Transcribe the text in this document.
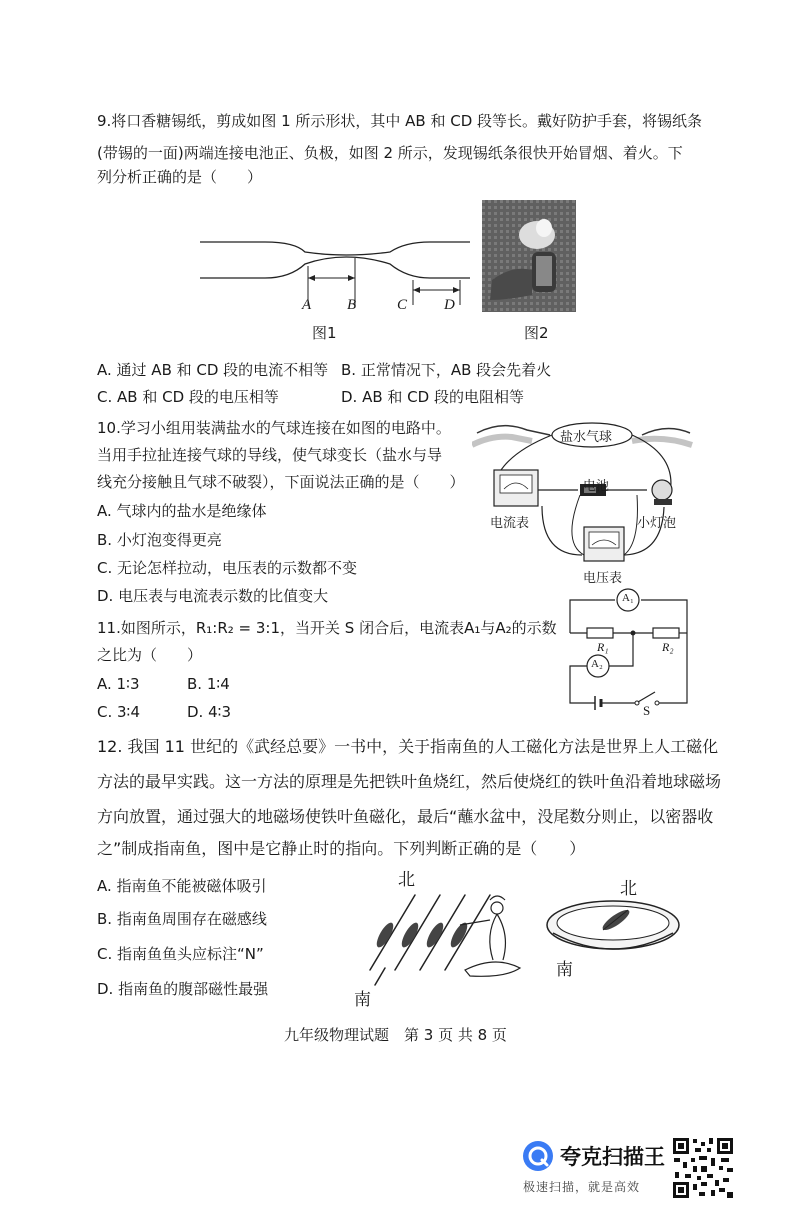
9.将口香糖锡纸，剪成如图 1 所示形状，其中 AB 和 CD 段等长。戴好防护手套，将锡纸条
(带锡的一面)两端连接电池正、负极，如图 2 所示，发现锡纸条很快开始冒烟、着火。下
列分析正确的是（　　）
A B	C D
图1	图2
A. 通过 AB 和 CD 段的电流不相等 B. 正常情况下，AB 段会先着火
C. AB 和 CD 段的电压相等	D. AB 和 CD 段的电阻相等
10.学习小组用装满盐水的气球连接在如图的电路中。
当用手拉扯连接气球的导线，使气球变长（盐水与导
线充分接触且气球不破裂），下面说法正确的是（　　）
A. 气球内的盐水是绝缘体
B. 小灯泡变得更亮
C. 无论怎样拉动，电压表的示数都不变
D. 电压表与电流表示数的比值变大
盐水气球
电池
电流表	小灯泡
电压表
11.如图所示，R₁:R₂ = 3:1，当开关 S 闭合后，电流表A₁与A₂的示数
之比为（　　）
A. 1∶3	B. 1∶4
C. 3∶4	D. 4∶3
A₁
A₂
R₁	R₂
S
12. 我国 11 世纪的《武经总要》一书中，关于指南鱼的人工磁化方法是世界上人工磁化
方法的最早实践。这一方法的原理是先把铁叶鱼烧红，然后使烧红的铁叶鱼沿着地球磁场
方向放置，通过强大的地磁场使铁叶鱼磁化，最后“蘸水盆中，没尾数分则止，以密器收
之”制成指南鱼，图中是它静止时的指向。下列判断正确的是（　　）
A. 指南鱼不能被磁体吸引
B. 指南鱼周围存在磁感线
C. 指南鱼鱼头应标注“N”
D. 指南鱼的腹部磁性最强
北
南
北
南
九年级物理试题　第 3 页 共 8 页
夸克扫描王
极速扫描，就是高效
